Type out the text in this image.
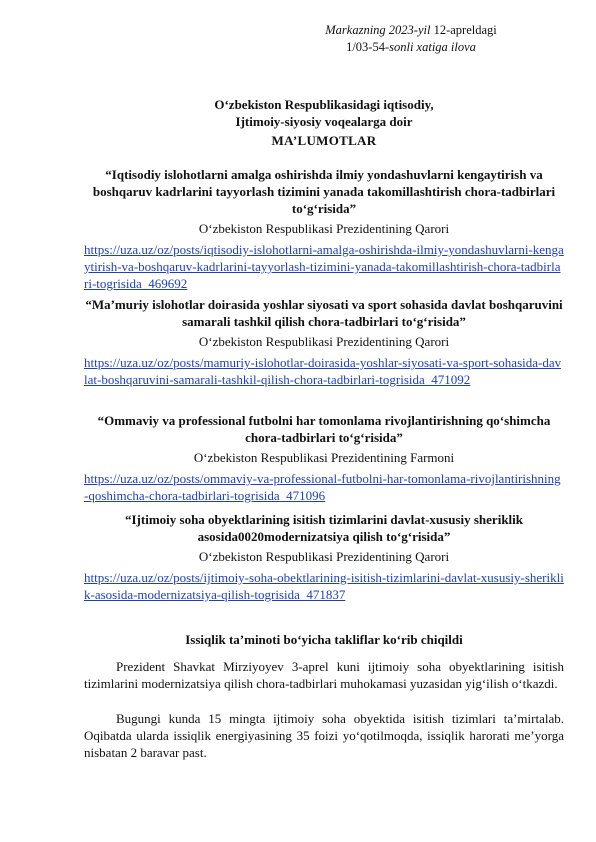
Markazning 2023-yil 12-apreldagi
1/03-54-sonli xatiga ilova
O‘zbekiston Respublikasidagi iqtisodiy,
Ijtimoiy-siyosiy voqealarga doir
MA’LUMOTLAR
“Iqtisodiy islohotlarni amalga oshirishda ilmiy yondashuvlarni kengaytirish va boshqaruv kadrlarini tayyorlash tizimini yanada takomillashtirish chora-tadbirlari to‘g‘risida”
O‘zbekiston Respublikasi Prezidentining Qarori
https://uza.uz/oz/posts/iqtisodiy-islohotlarni-amalga-oshirishda-ilmiy-yondashuvlarni-kengaytirish-va-boshqaruv-kadrlarini-tayyorlash-tizimini-yanada-takomillashtirish-chora-tadbirlari-togrisida_469692
“Ma’muriy islohotlar doirasida yoshlar siyosati va sport sohasida davlat boshqaruvini samarali tashkil qilish chora-tadbirlari to‘g‘risida”
O‘zbekiston Respublikasi Prezidentining Qarori
https://uza.uz/oz/posts/mamuriy-islohotlar-doirasida-yoshlar-siyosati-va-sport-sohasida-davlat-boshqaruvini-samarali-tashkil-qilish-chora-tadbirlari-togrisida_471092
“Ommaviy va professional futbolni har tomonlama rivojlantirishning qo‘shimcha chora-tadbirlari to‘g‘risida”
O‘zbekiston Respublikasi Prezidentining Farmoni
https://uza.uz/oz/posts/ommaviy-va-professional-futbolni-har-tomonlama-rivojlantirishning-qoshimcha-chora-tadbirlari-togrisida_471096
“Ijtimoiy soha obyektlarining isitish tizimlarini davlat-xususiy sheriklik asosida0020modernizatsiya qilish to‘g‘risida”
O‘zbekiston Respublikasi Prezidentining Qarori
https://uza.uz/oz/posts/ijtimoiy-soha-obektlarining-isitish-tizimlarini-davlat-xususiy-sheriklik-asosida-modernizatsiya-qilish-togrisida_471837
Issiqlik ta’minoti bo‘yicha takliflar ko‘rib chiqildi
Prezident Shavkat Mirziyoyev 3-aprel kuni ijtimoiy soha obyektlarining isitish tizimlarini modernizatsiya qilish chora-tadbirlari muhokamasi yuzasidan yig‘ilish o‘tkazdi.
Bugungi kunda 15 mingta ijtimoiy soha obyektida isitish tizimlari ta’mirtalab. Oqibatda ularda issiqlik energiyasining 35 foizi yo‘qotilmoqda, issiqlik harorati me’yorga nisbatan 2 baravar past.
